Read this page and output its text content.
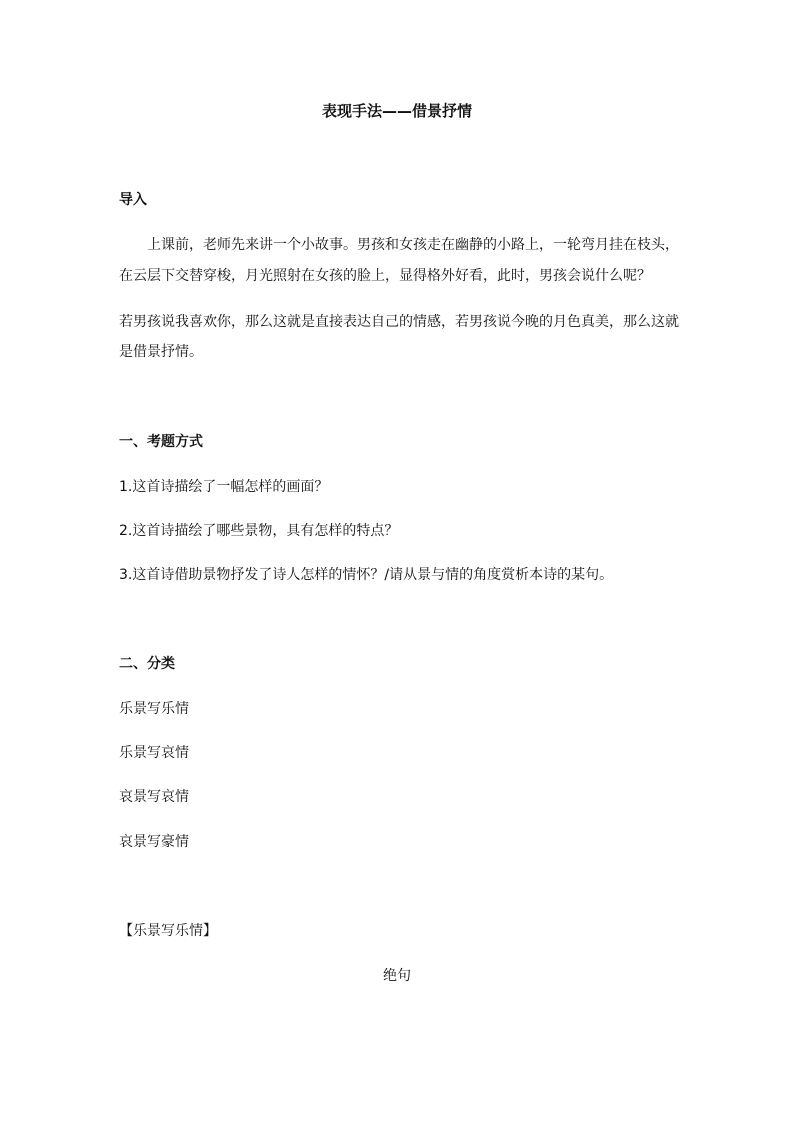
表现手法——借景抒情
导入
上课前，老师先来讲一个小故事。男孩和女孩走在幽静的小路上，一轮弯月挂在枝头，
在云层下交替穿梭，月光照射在女孩的脸上，显得格外好看，此时，男孩会说什么呢？
若男孩说我喜欢你，那么这就是直接表达自己的情感，若男孩说今晚的月色真美，那么这就
是借景抒情。
一、考题方式
1.这首诗描绘了一幅怎样的画面？
2.这首诗描绘了哪些景物，具有怎样的特点？
3.这首诗借助景物抒发了诗人怎样的情怀？/请从景与情的角度赏析本诗的某句。
二、分类
乐景写乐情
乐景写哀情
哀景写哀情
哀景写豪情
【乐景写乐情】
绝句
